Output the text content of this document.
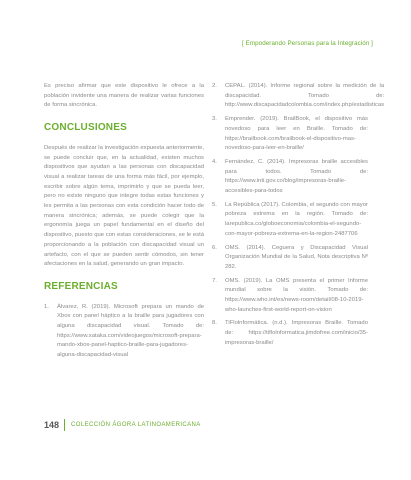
[ Empoderando Personas para la Integración ]

Es preciso afirmar que este dispositivo le ofrece a la población invidente una manera de realizar varias funciones de forma sincrónica.

CONCLUSIONES

Después de realizar la investigación expuesta anteriormente, se puede concluir que, en la actualidad, existen muchos dispositivos que ayudan a las personas con discapacidad visual a realizar tareas de una forma más fácil, por ejemplo, escribir sobre algún tema, imprimirlo y que se pueda leer, pero no existe ninguno que integre todas estas funciones y les permita a las personas con esta condición hacer todo de manera sincrónica; además, se puede colegir que la ergonomía juega un papel fundamental en el diseño del dispositivo, puesto que con estas consideraciones, se le está proporcionando a la población con discapacidad visual un artefacto, con el que se pueden sentir cómodos, sin tener afectaciones en la salud, generando un gran impacto.

REFERENCIAS
1.	Álvarez, R. (2019). Microsoft prepara un mando de Xbox con panel háptico a la braille para jugadores con alguna discapacidad visual. Tomado de: https://www.xataka.com/videojuegos/microsoft-prepara-mando-xbox-panel-haptico-braille-para-jugadores-alguna-discapacidad-visual
2.	CEPAL. (2014). Informe regional sobre la medición de la discapacidad. Tomado de: http://www.discapacidadcolombia.com/index.php/estadisticas
3.	Emprender. (2019). BrailBook, el dispositivo más novedoso para leer en Braille. Tomado de: https://brailbook.com/brailbook-el-dispositivo-mas-novedoso-para-leer-en-braille/
4.	Fernández, C. (2014). Impresoras braille accesibles para todos. Tomado de: https://www.inti.gov.co/blog/impresoras-braille-accesibles-para-todos
5.	La República (2017). Colombia, el segundo con mayor pobreza extrema en la región. Tomado de: larepublica.co/globoeconomia/colombia-el-segundo-con-mayor-pobreza-extrema-en-la-region-2487706
6.	OMS. (2014). Ceguera y Discapacidad Visual Organización Mundial de la Salud, Nota descriptiva Nº 282.
7.	OMS. (2019). La OMS presenta el primer Informe mundial sobre la visión. Tomado de: https://www.who.int/es/news-room/detail/08-10-2019-who-launches-first-world-report-on-vision
8.	TiFlolnformática. (n.d.). Impresoras Braille. Tomado de: https://tiflolnformatica.jimdofree.com/inicio/35-impresoras-braille/
148 COLECCIÓN ÁGORA LATINOAMERICANA
